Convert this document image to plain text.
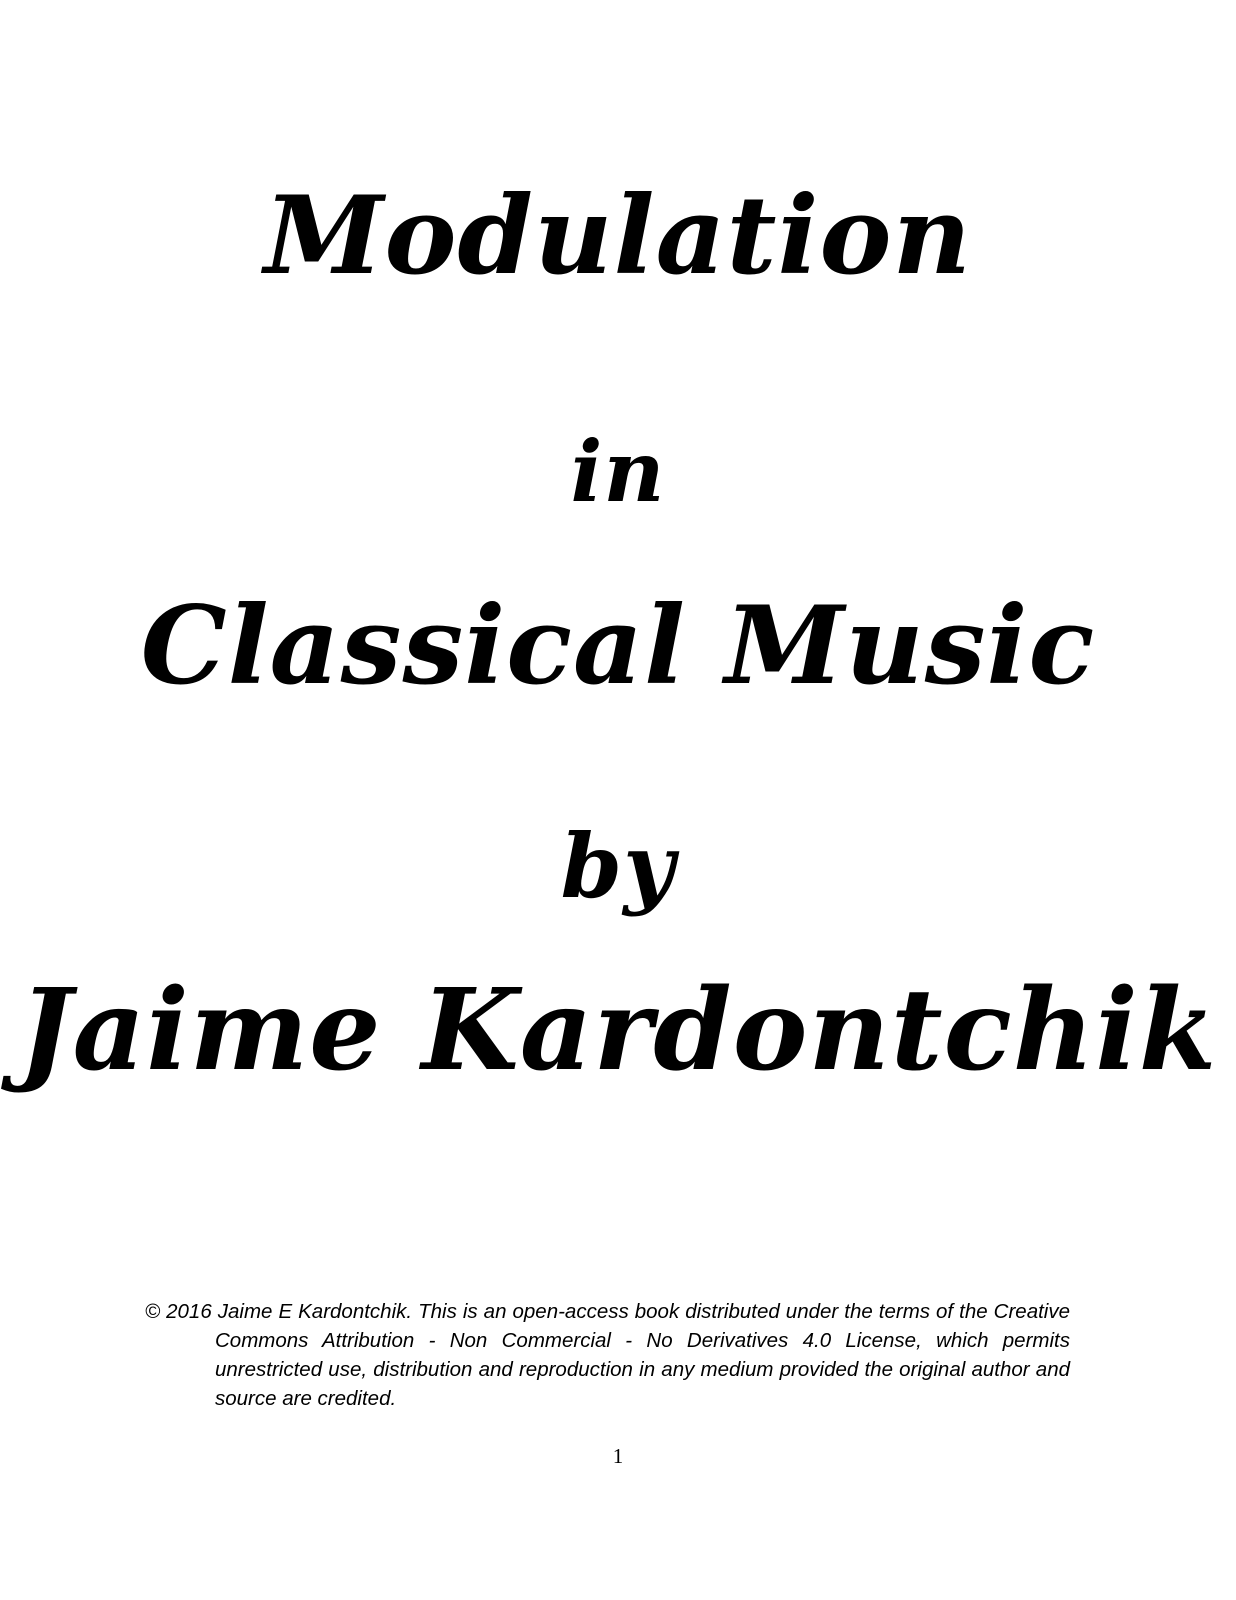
Modulation
in
Classical Music
by
Jaime Kardontchik

© 2016 Jaime E Kardontchik. This is an open-access book distributed under the terms of the Creative Commons Attribution - Non Commercial - No Derivatives 4.0 License, which permits unrestricted use, distribution and reproduction in any medium provided the original author and source are credited.

1
